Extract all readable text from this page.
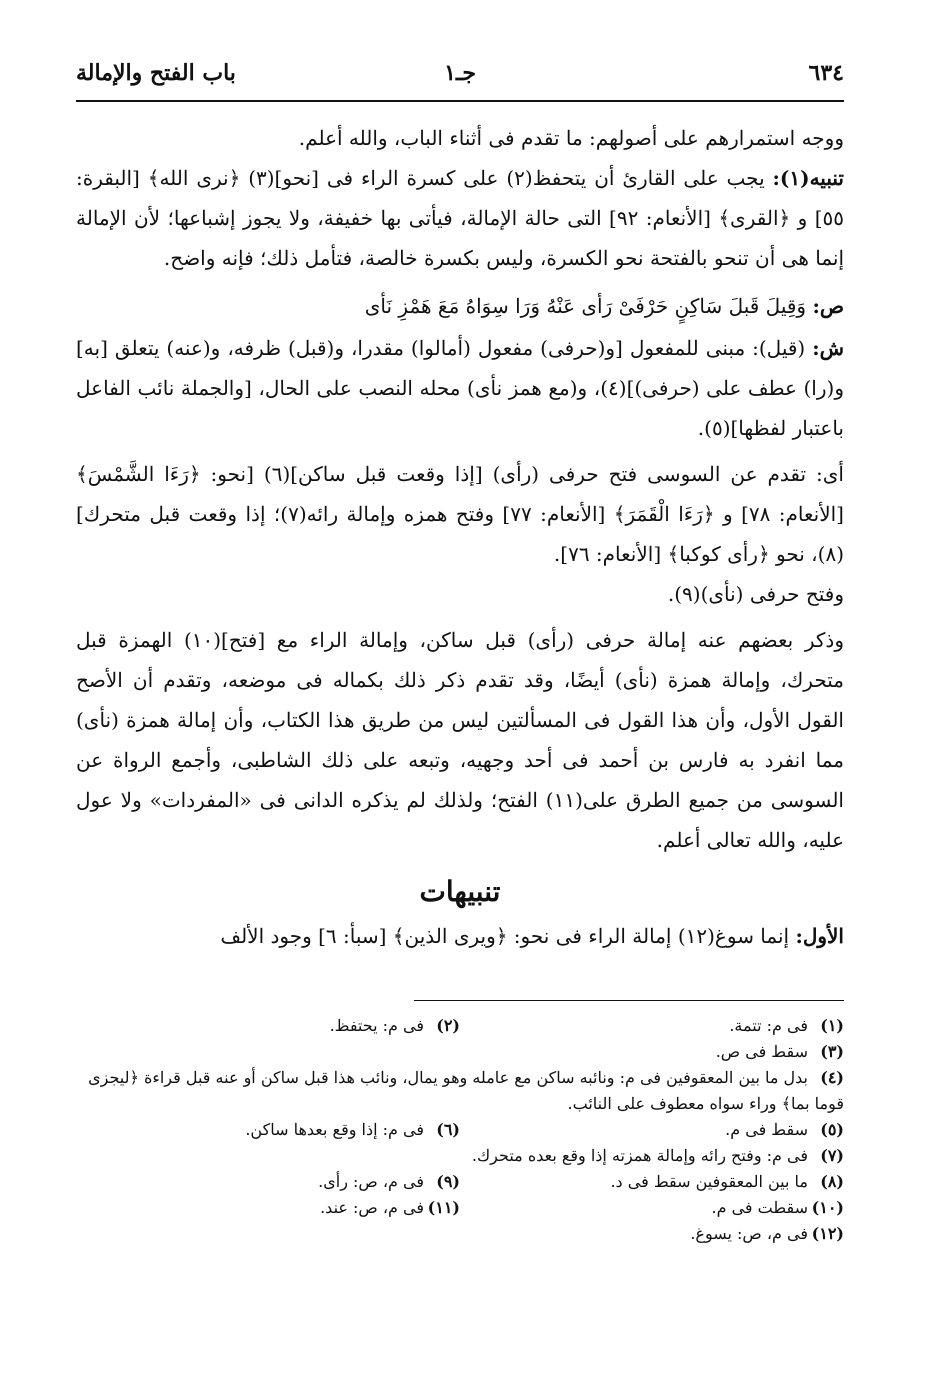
٦٣٤
جـ١
باب الفتح والإمالة

ووجه استمرارهم على أصولهم: ما تقدم فى أثناء الباب، والله أعلم.

تنبيه(١): يجب على القارئ أن يتحفظ(٢) على كسرة الراء فى [نحو](٣) ﴿نرى الله﴾ [البقرة: ٥٥] و ﴿القرى﴾ [الأنعام: ٩٢] التى حالة الإمالة، فيأتى بها خفيفة، ولا يجوز إشباعها؛ لأن الإمالة إنما هى أن تنحو بالفتحة نحو الكسرة، وليس بكسرة خالصة، فتأمل ذلك؛ فإنه واضح.

ص: وَقِيلَ قَبلَ سَاكِنٍ حَرْفَىْ رَأى عَنْهُ وَرَا سِوَاهُ مَعَ هَمْزِ نَأى

ش: (قيل): مبنى للمفعول [و(حرفى) مفعول (أمالوا) مقدرا، و(قبل) ظرفه، و(عنه) يتعلق [به] و(را) عطف على (حرفى)](٤)، و(مع همز نأى) محله النصب على الحال، [والجملة نائب الفاعل باعتبار لفظها](٥).

أى: تقدم عن السوسى فتح حرفى (رأى) [إذا وقعت قبل ساكن](٦) [نحو: ﴿رَءَا الشَّمْسَ﴾ [الأنعام: ٧٨] و ﴿رَءَا الْقَمَرَ﴾ [الأنعام: ٧٧] وفتح همزه وإمالة رائه(٧)؛ إذا وقعت قبل متحرك](٨)، نحو ﴿رأى كوكبا﴾ [الأنعام: ٧٦].

وفتح حرفى (نأى)(٩).

وذكر بعضهم عنه إمالة حرفى (رأى) قبل ساكن، وإمالة الراء مع [فتح](١٠) الهمزة قبل متحرك، وإمالة همزة (نأى) أيضًا، وقد تقدم ذكر ذلك بكماله فى موضعه، وتقدم أن الأصح القول الأول، وأن هذا القول فى المسألتين ليس من طريق هذا الكتاب، وأن إمالة همزة (نأى) مما انفرد به فارس بن أحمد فى أحد وجهيه، وتبعه على ذلك الشاطبى، وأجمع الرواة عن السوسى من جميع الطرق على(١١) الفتح؛ ولذلك لم يذكره الدانى فى «المفردات» ولا عول عليه، والله تعالى أعلم.

تنبيهات

الأول: إنما سوغ(١٢) إمالة الراء فى نحو: ﴿ويرى الذين﴾ [سبأ: ٦] وجود الألف

(١)فى م: تتمة.
(٢)فى م: يحتفظ.
(٣)سقط فى ص.
(٤)بدل ما بين المعقوفين فى م: ونائبه ساكن مع عامله وهو يمال، ونائب هذا قبل ساكن أو عنه قبل قراءة ﴿ليجزى قوما بما﴾ وراء سواه معطوف على النائب.
(٥)سقط فى م.
(٦)فى م: إذا وقع بعدها ساكن.
(٧)فى م: وفتح رائه وإمالة همزته إذا وقع بعده متحرك.
(٨)ما بين المعقوفين سقط فى د.
(٩)فى م، ص: رأى.
(١٠)سقطت فى م.
(١١)فى م، ص: عند.
(١٢)فى م، ص: يسوغ.
